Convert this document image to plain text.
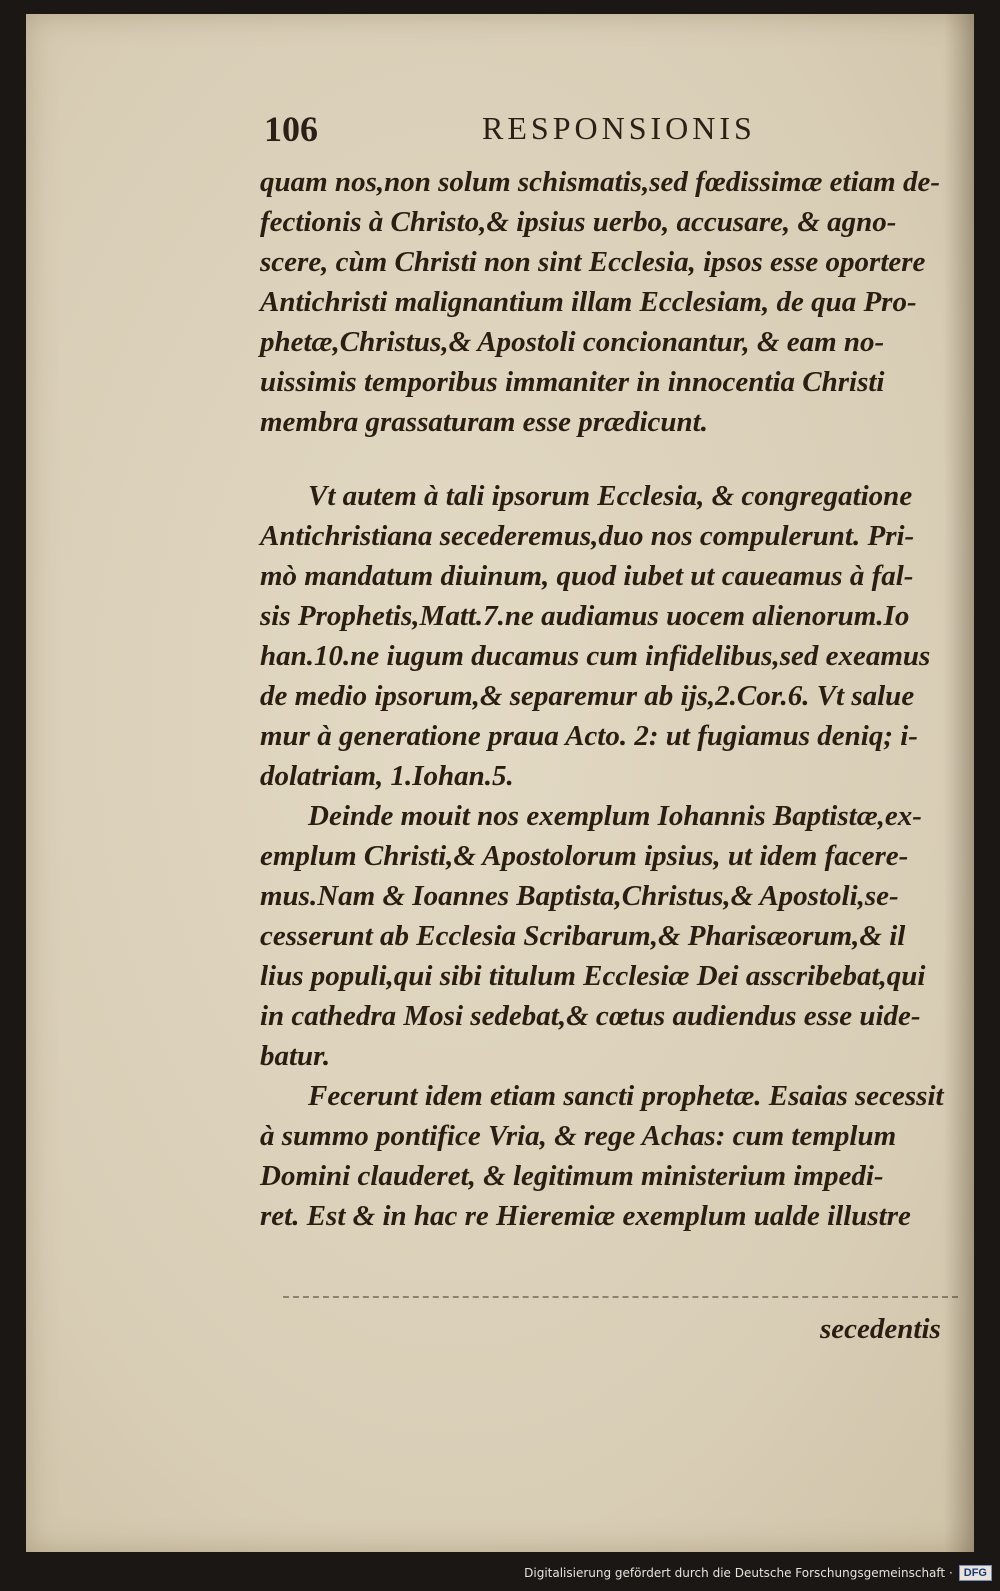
106	RESPONSIONIS
quam nos,non solum schismatis,sed fœdissimæ etiam de-
fectionis à Christo,& ipsius uerbo, accusare, & agno-
scere, cùm Christi non sint Ecclesia, ipsos esse oportere
Antichristi malignantium illam Ecclesiam, de qua Pro-
phetæ,Christus,& Apostoli concionantur, & eam no-
uissimis temporibus immaniter in innocentia Christi
membra grassaturam esse prædicunt.
Vt autem à tali ipsorum Ecclesia, & congregatione
Antichristiana secederemus,duo nos compulerunt. Pri-
mò mandatum diuinum, quod iubet ut caueamus à fal-
sis Prophetis,Matt.7.ne audiamus uocem alienorum.Io
han.10.ne iugum ducamus cum infidelibus,sed exeamus
de medio ipsorum,& separemur ab ijs,2.Cor.6. Vt salue
mur à generatione praua Acto. 2: ut fugiamus deniq; i-
dolatriam, 1.Iohan.5.
Deinde mouit nos exemplum Iohannis Baptistæ,ex-
emplum Christi,& Apostolorum ipsius, ut idem facere-
mus.Nam & Ioannes Baptista,Christus,& Apostoli,se-
cesserunt ab Ecclesia Scribarum,& Pharisæorum,& il
lius populi,qui sibi titulum Ecclesiæ Dei asscribebat,qui
in cathedra Mosi sedebat,& cœtus audiendus esse uide-
batur.
Fecerunt idem etiam sancti prophetæ. Esaias secessit
à summo pontifice Vria, & rege Achas: cum templum
Domini clauderet, & legitimum ministerium impedi-
ret. Est & in hac re Hieremiæ exemplum ualde illustre
secedentis
Digitalisierung gefördert durch die Deutsche Forschungsgemeinschaft ·	DFG
